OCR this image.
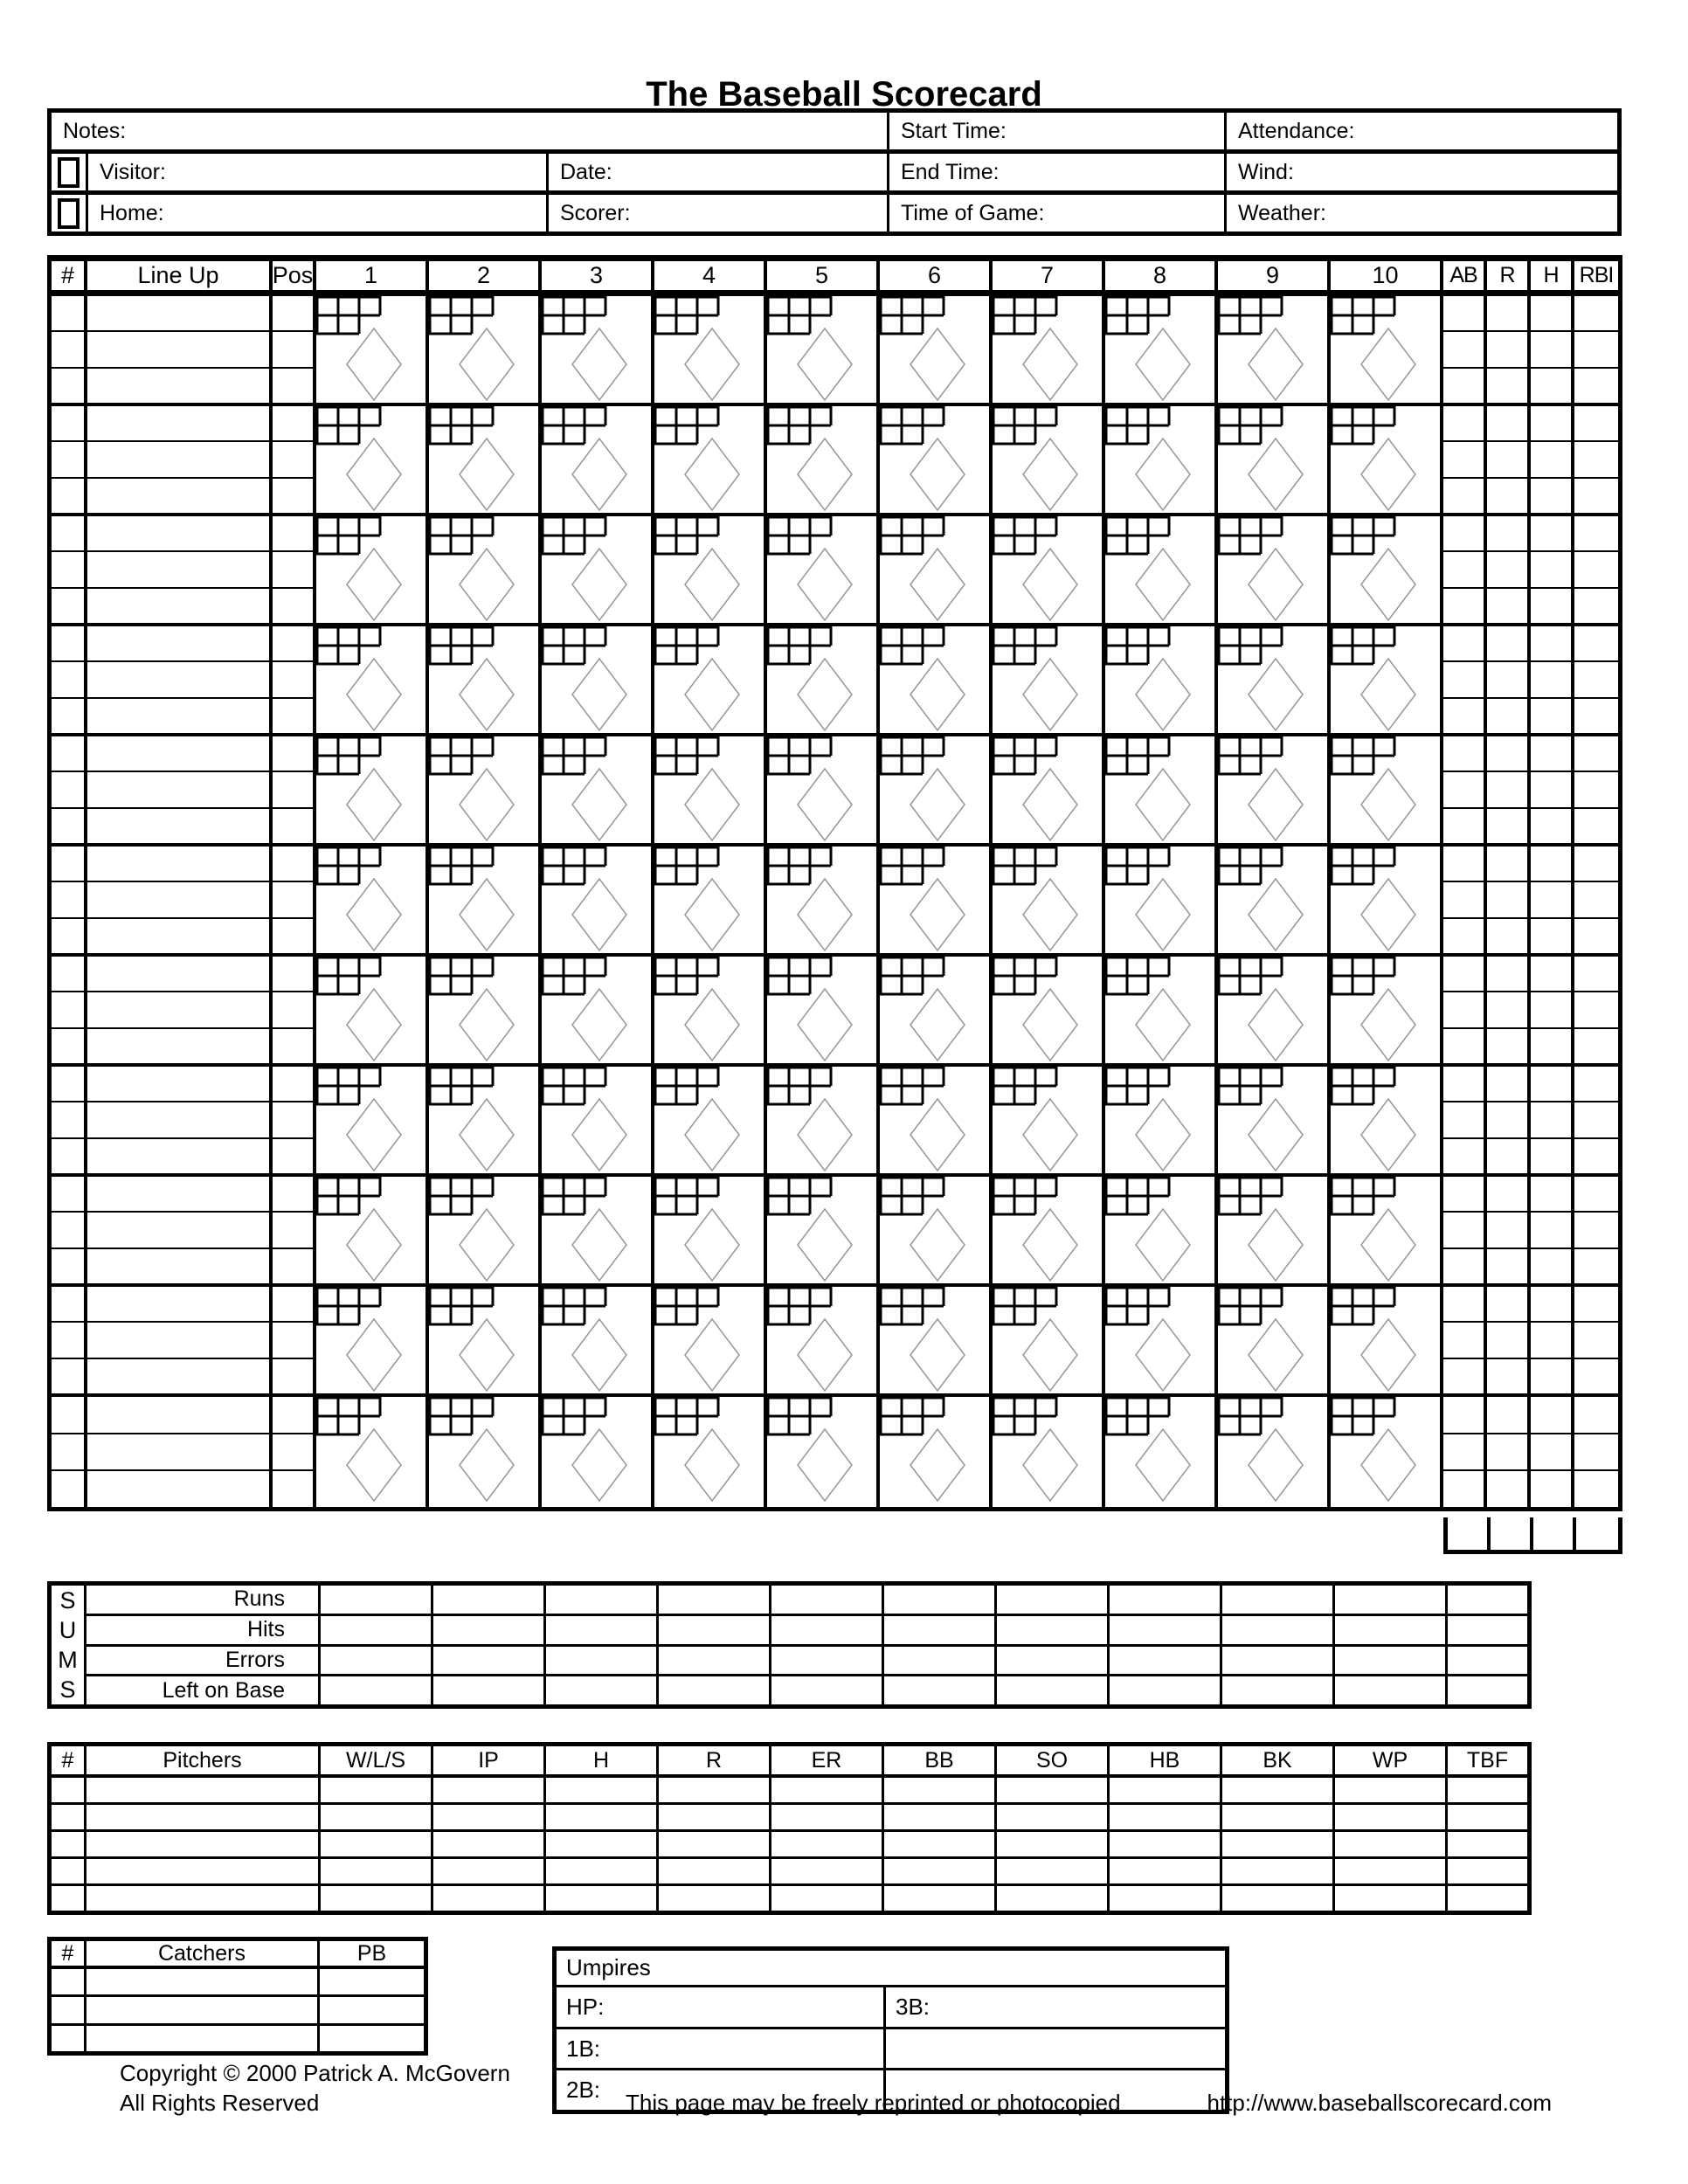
The Baseball Scorecard
Notes:	Start Time:	Attendance:
Visitor:	Date:	End Time:	Wind:
Home:	Scorer:	Time of Game:	Weather:
#	Line Up	Pos	1	2	3	4	5	6	7	8	9	10	AB	R	H RBI
S
U
M
S
Runs
Hits
Errors
Left on Base
#	Pitchers	W/L/S	IP	H	R	ER	BB	SO	HB	BK	WP	TBF
#	Catchers	PB
Umpires
HP:	3B:
1B:
2B:
Copyright © 2000 Patrick A. McGovern
All Rights Reserved	This page may be freely reprinted or photocopied	http://www.baseballscorecard.com
